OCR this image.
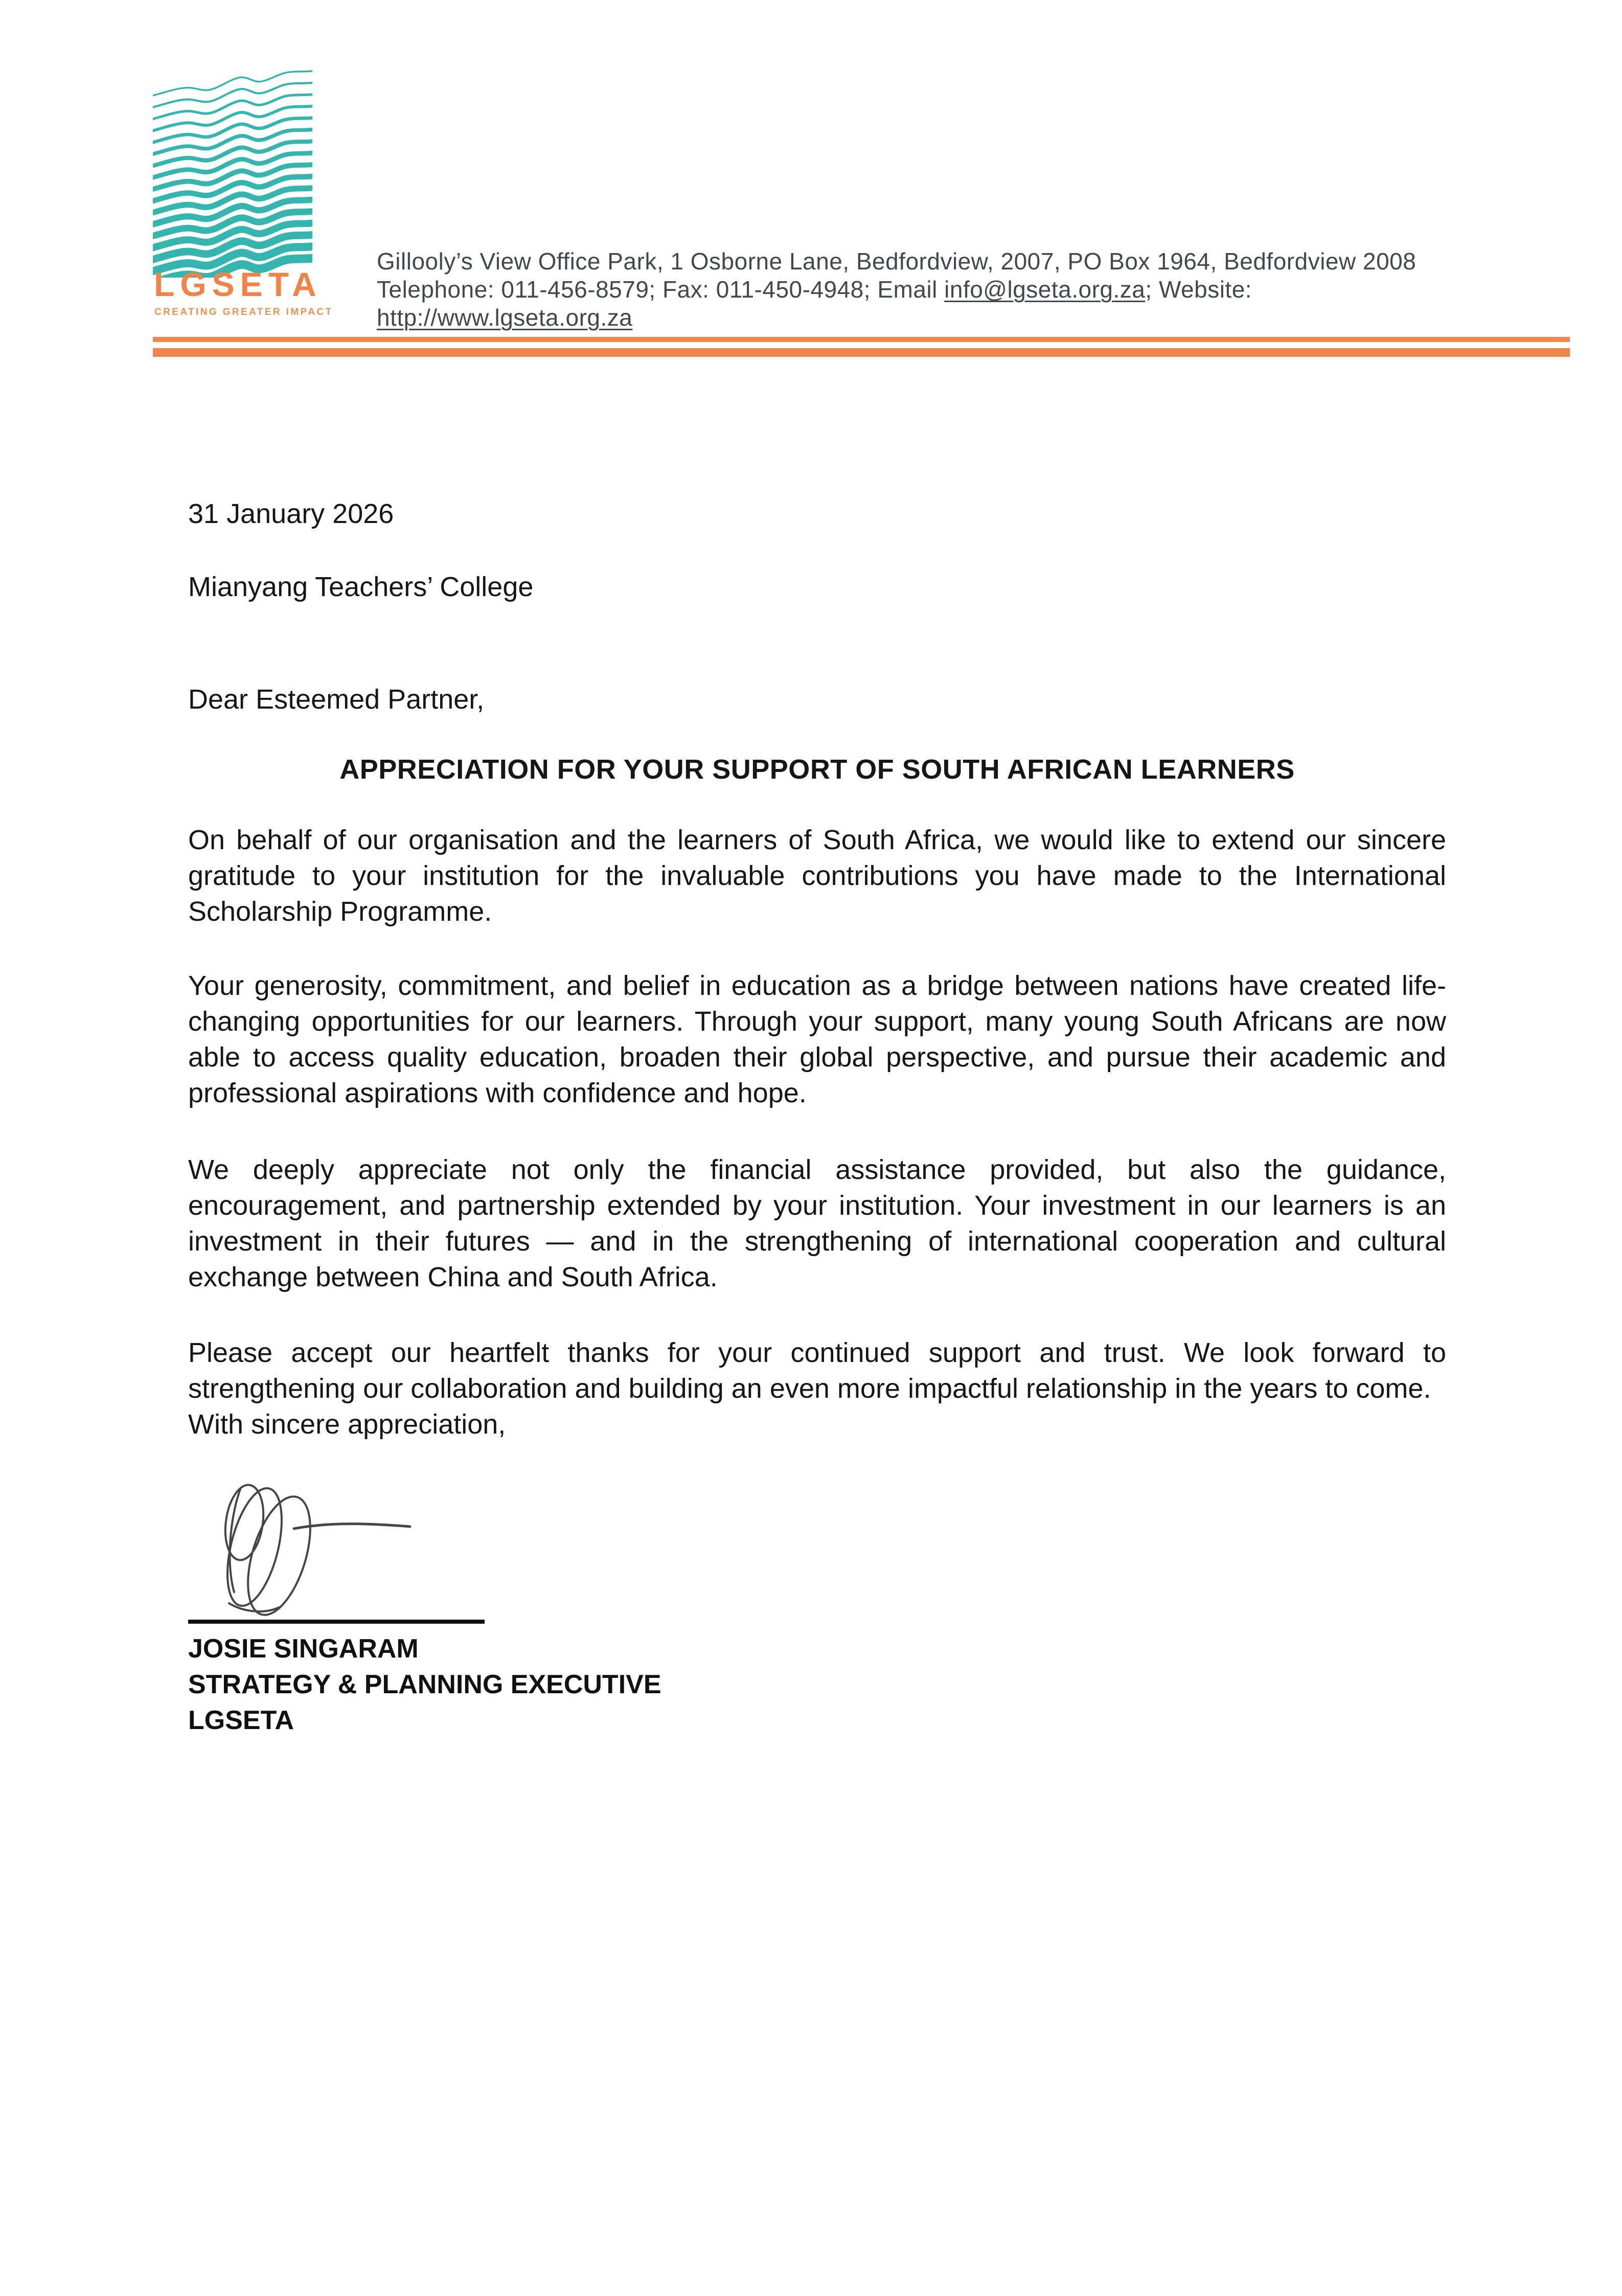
LGSETA
CREATING GREATER IMPACT
Gillooly’s View Office Park, 1 Osborne Lane, Bedfordview, 2007, PO Box 1964, Bedfordview 2008
Telephone: 011-456-8579; Fax: 011-450-4948; Email info@lgseta.org.za; Website:
http://www.lgseta.org.za
31 January 2026
Mianyang Teachers’ College
Dear Esteemed Partner,
APPRECIATION FOR YOUR SUPPORT OF SOUTH AFRICAN LEARNERS
On behalf of our organisation and the learners of South Africa, we would like to extend our sincere gratitude to your institution for the invaluable contributions you have made to the International Scholarship Programme.
Your generosity, commitment, and belief in education as a bridge between nations have created life-changing opportunities for our learners. Through your support, many young South Africans are now able to access quality education, broaden their global perspective, and pursue their academic and professional aspirations with confidence and hope.
We deeply appreciate not only the financial assistance provided, but also the guidance, encouragement, and partnership extended by your institution. Your investment in our learners is an investment in their futures — and in the strengthening of international cooperation and cultural exchange between China and South Africa.
Please accept our heartfelt thanks for your continued support and trust. We look forward to strengthening our collaboration and building an even more impactful relationship in the years to come.
With sincere appreciation,
JOSIE SINGARAM
STRATEGY & PLANNING EXECUTIVE
LGSETA
